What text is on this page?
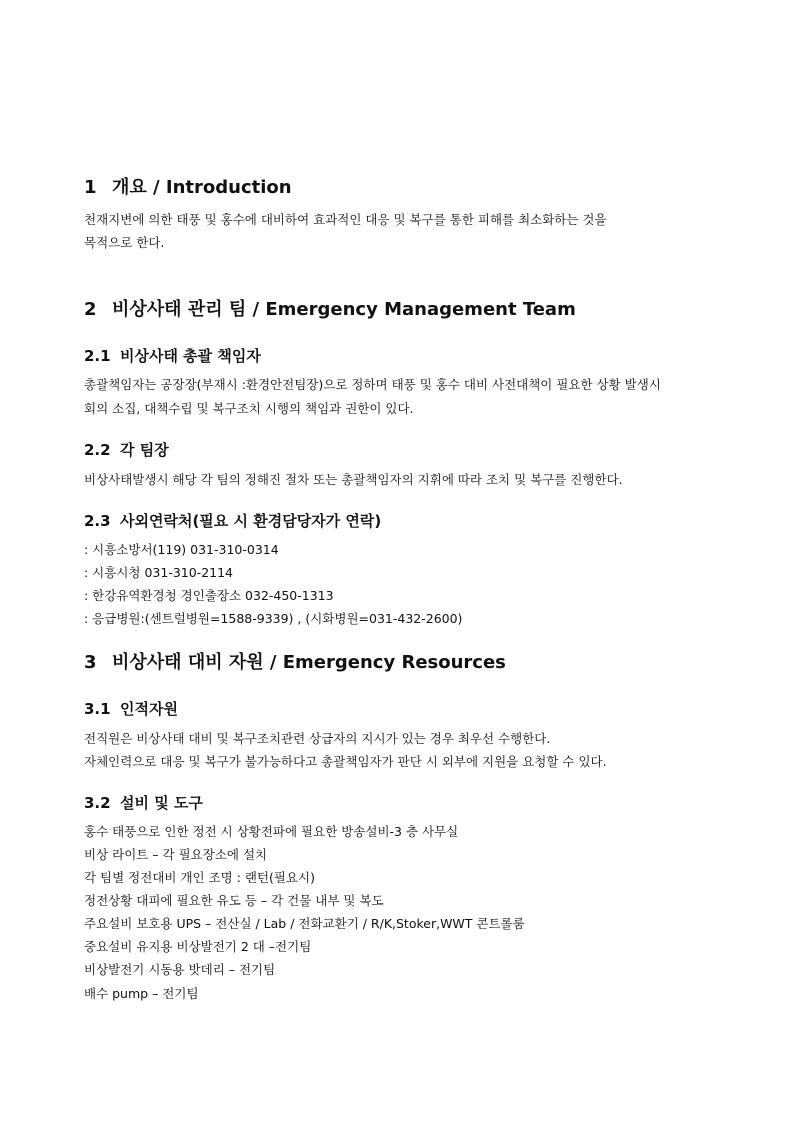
1 개요 / Introduction
천재지변에 의한 태풍 및 홍수에 대비하여 효과적인 대응 및 복구를 통한 피해를 최소화하는 것을
목적으로 한다.
2 비상사태 관리 팀 / Emergency Management Team
2.1 비상사태 총괄 책임자
총괄책임자는 공장장(부재시 :환경안전팀장)으로 정하며 태풍 및 홍수 대비 사전대책이 필요한 상황 발생시
회의 소집, 대책수립 및 복구조치 시행의 책임과 권한이 있다.
2.2 각 팀장
비상사태발생시 해당 각 팀의 정해진 절차 또는 총괄책임자의 지휘에 따라 조치 및 복구를 진행한다.
2.3 사외연락처(필요 시 환경담당자가 연락)
: 시흥소방서(119) 031-310-0314
: 시흥시청 031-310-2114
: 한강유역환경청 경인출장소 032-450-1313
: 응급병원:(센트럴병원=1588-9339) , (시화병원=031-432-2600)
3 비상사태 대비 자원 / Emergency Resources
3.1 인적자원
전직원은 비상사태 대비 및 복구조치관련 상급자의 지시가 있는 경우 최우선 수행한다.
자체인력으로 대응 및 복구가 불가능하다고 총괄책임자가 판단 시 외부에 지원을 요청할 수 있다.
3.2 설비 및 도구
홍수 태풍으로 인한 정전 시 상황전파에 필요한 방송설비-3 층 사무실
비상 라이트 – 각 필요장소에 설치
각 팀별 정전대비 개인 조명 : 랜턴(필요시)
정전상황 대피에 필요한 유도 등 – 각 건물 내부 및 복도
주요설비 보호용 UPS – 전산실 / Lab / 전화교환기 / R/K,Stoker,WWT 콘트롤룸
중요설비 유지용 비상발전기 2 대 –전기팀
비상발전기 시동용 밧데리 – 전기팀
배수 pump – 전기팀
